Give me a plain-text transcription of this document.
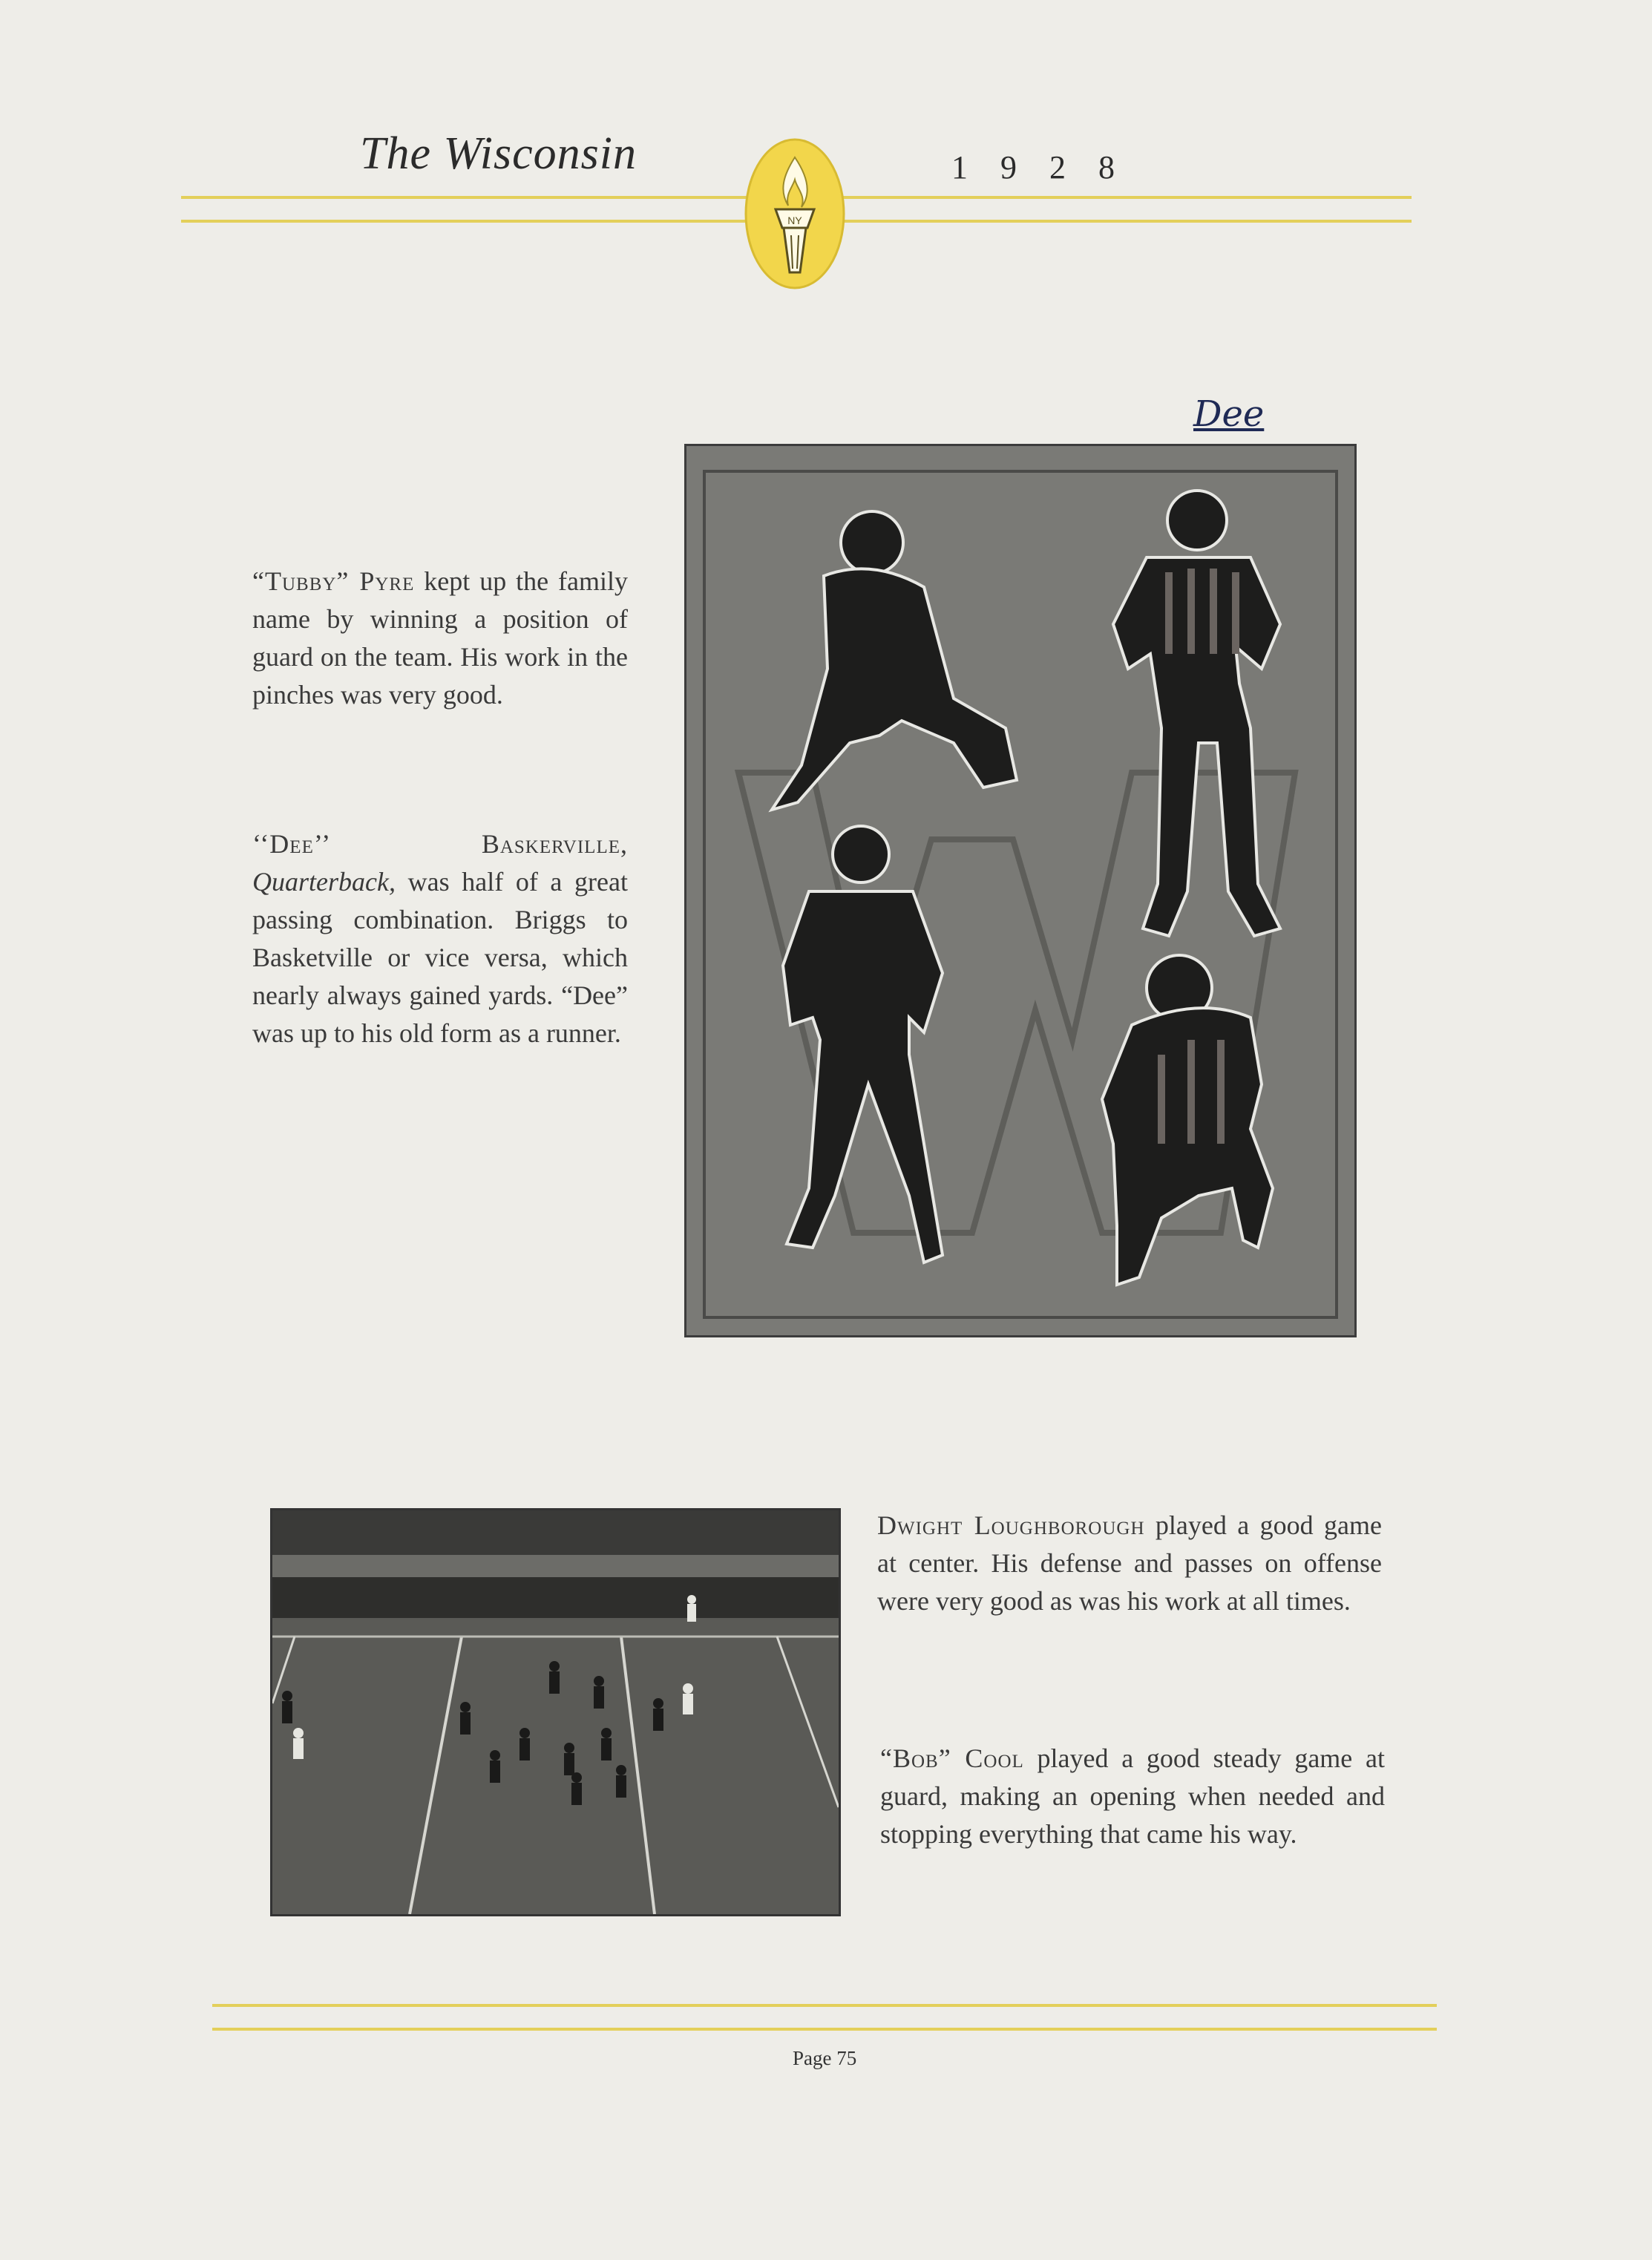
The Wisconsin	1 9 2 8
NY
Dee
“Tubby” Pyre kept up the family name by winning a position of guard on the team. His work in the pinches was very good.
‘‘Dee’’ Baskerville, Quarterback, was half of a great passing combination. Briggs to Basketville or vice versa, which nearly always gained yards. “Dee” was up to his old form as a runner.
Dwight Loughborough played a good game at center. His defense and passes on offense were very good as was his work at all times.
“Bob” Cool played a good steady game at guard, making an opening when needed and stopping everything that came his way.
Page 75
